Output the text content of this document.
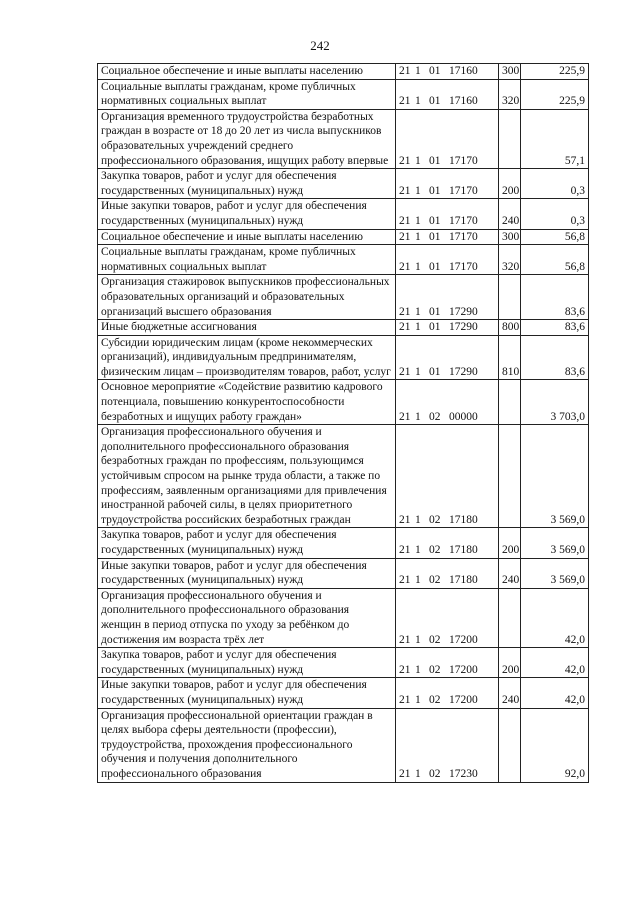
242
Социальное обеспечение и иные выплаты населению	21 1 01 17160	300	225,9
Социальные выплаты гражданам, кроме публичных нормативных социальных выплат	21 1 01 17160	320	225,9
Организация временного трудоустройства безработных граждан в возрасте от 18 до 20 лет из числа выпускников образовательных учреждений среднего профессионального образования, ищущих работу впервые	21 1 01 17170		57,1
Закупка товаров, работ и услуг для обеспечения государственных (муниципальных) нужд	21 1 01 17170	200	0,3
Иные закупки товаров, работ и услуг для обеспечения государственных (муниципальных) нужд	21 1 01 17170	240	0,3
Социальное обеспечение и иные выплаты населению	21 1 01 17170	300	56,8
Социальные выплаты гражданам, кроме публичных нормативных социальных выплат	21 1 01 17170	320	56,8
Организация стажировок выпускников профессиональных образовательных организаций и образовательных организаций высшего образования	21 1 01 17290		83,6
Иные бюджетные ассигнования	21 1 01 17290	800	83,6
Субсидии юридическим лицам (кроме некоммерческих организаций), индивидуальным предпринимателям, физическим лицам – производителям товаров, работ, услуг	21 1 01 17290	810	83,6
Основное мероприятие «Содействие развитию кадрового потенциала, повышению конкурентоспособности безработных и ищущих работу граждан»	21 1 02 00000		3 703,0
Организация профессионального обучения и дополнительного профессионального образования безработных граждан по профессиям, пользующимся устойчивым спросом на рынке труда области, а также по профессиям, заявленным организациями для привлечения иностранной рабочей силы, в целях приоритетного трудоустройства российских безработных граждан	21 1 02 17180		3 569,0
Закупка товаров, работ и услуг для обеспечения государственных (муниципальных) нужд	21 1 02 17180	200	3 569,0
Иные закупки товаров, работ и услуг для обеспечения государственных (муниципальных) нужд	21 1 02 17180	240	3 569,0
Организация профессионального обучения и дополнительного профессионального образования женщин в период отпуска по уходу за ребёнком до достижения им возраста трёх лет	21 1 02 17200		42,0
Закупка товаров, работ и услуг для обеспечения государственных (муниципальных) нужд	21 1 02 17200	200	42,0
Иные закупки товаров, работ и услуг для обеспечения государственных (муниципальных) нужд	21 1 02 17200	240	42,0
Организация профессиональной ориентации граждан в целях выбора сферы деятельности (профессии), трудоустройства, прохождения профессионального обучения и получения дополнительного профессионального образования	21 1 02 17230		92,0
